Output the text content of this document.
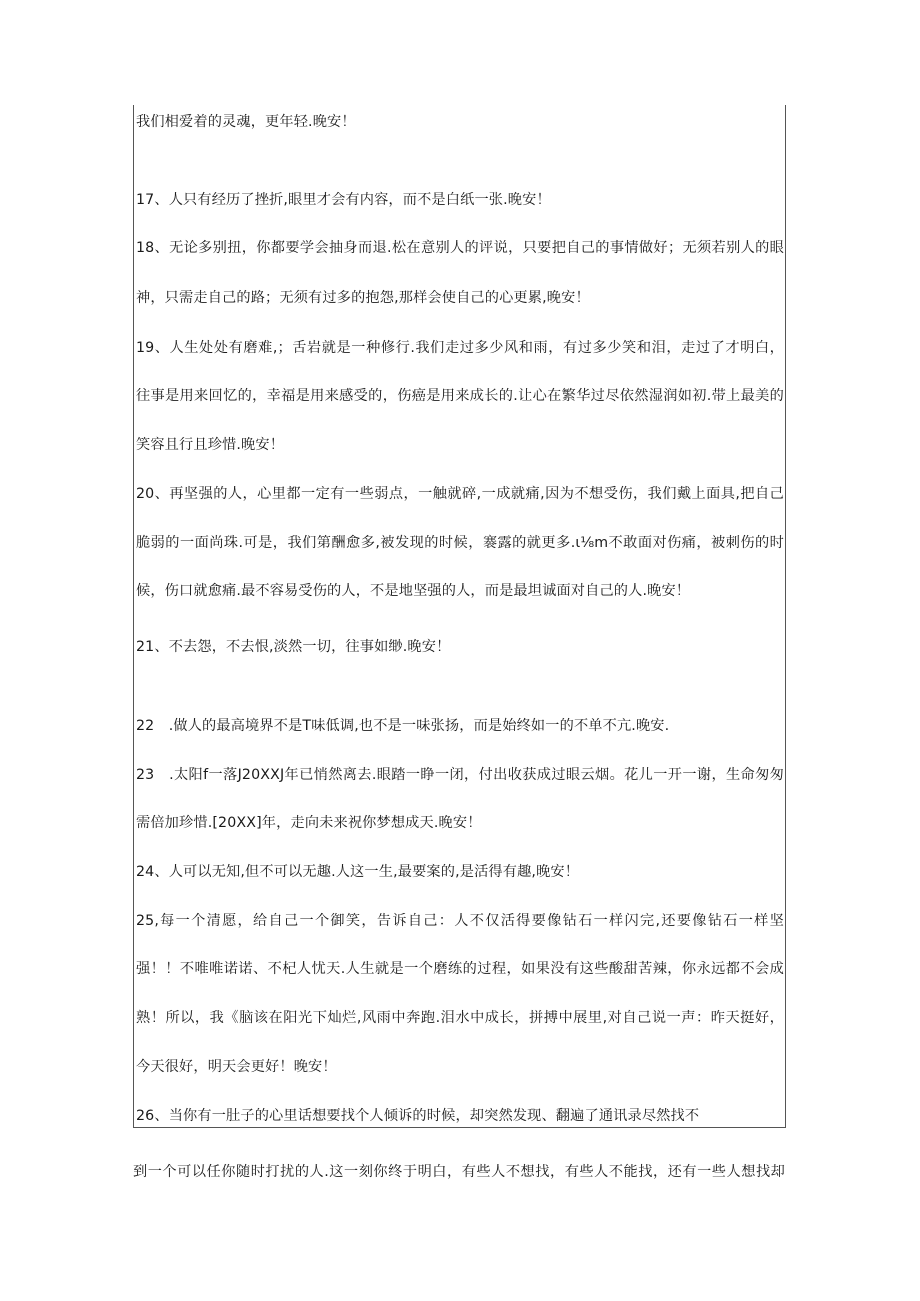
我们相爱着的灵魂，更年轻.晚安！
17、人只有经历了挫折,眼里才会有内容，而不是白纸一张.晚安！
18、无论多别扭，你都要学会抽身而退.松在意别人的评说，只要把自己的事情做好；无须若别人的眼
神，只需走自己的路；无须有过多的抱怨,那样会使自己的心更累,晚安！
19、人生处处有磨难,；舌岩就是一种修行.我们走过多少风和雨，有过多少笑和泪，走过了才明白，
往事是用来回忆的，幸福是用来感受的，伤癌是用来成长的.让心在繁华过尽依然湿润如初.带上最美的
笑容且行且珍惜.晚安！
20、再坚强的人，心里都一定有一些弱点，一触就碎,一成就痛,因为不想受伤，我们戴上面具,把自己
脆弱的一面尚珠.可是，我们第酬愈多,被发现的时候，褰露的就更多.ι⅛m不敢面对伤痛，被刺伤的时
候，伤口就愈痛.最不容易受伤的人，不是地坚强的人，而是最坦诚面对自己的人.晚安！
21、不去怨，不去恨,淡然一切，往事如缈.晚安！
22　.做人的最高境界不是T味低调,也不是一味张扬，而是始终如一的不单不亢.晚安.
23　.太阳f一落J20XXJ年已悄然离去.眼踏一睁一闭，付出收获成过眼云烟。花儿一开一谢，生命匆匆
需倍加珍惜.[20XX]年，走向未来祝你梦想成天.晚安！
24、人可以无知,但不可以无趣.人这一生,最要案的,是活得有趣,晚安！
25,每一个清愿，给自己一个御笑，告诉自己：人不仅活得要像钻石一样闪完,还要像钻石一样坚
强！！不唯唯诺诺、不杞人忧天.人生就是一个磨练的过程，如果没有这些酸甜苦辣，你永远都不会成
熟！所以，我《脑该在阳光下灿烂,风雨中奔跑.泪水中成长，拼搏中展里,对自己说一声：昨天挺好，
今天很好，明天会更好！晚安！
26、当你有一肚子的心里话想要找个人倾诉的时候，却突然发现、翻遍了通讯录尽然找不
到一个可以任你随时打扰的人.这一刻你终于明白，有些人不想找，有些人不能找，还有一些人想找却
